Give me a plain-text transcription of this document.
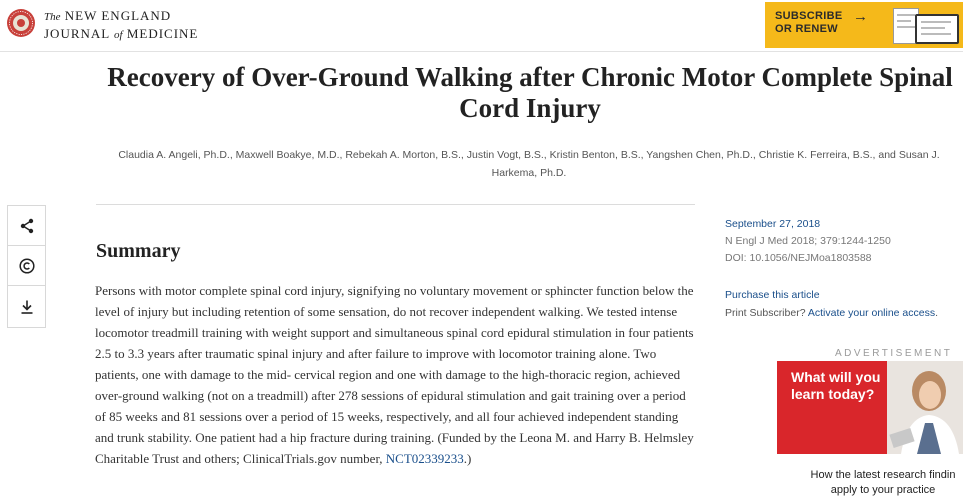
The NEW ENGLAND
JOURNAL of MEDICINE
SUBSCRIBE
OR RENEW
→
Recovery of Over-Ground Walking after Chronic Motor Complete Spinal Cord Injury
Claudia A. Angeli, Ph.D., Maxwell Boakye, M.D., Rebekah A. Morton, B.S., Justin Vogt, B.S., Kristin Benton, B.S., Yangshen Chen, Ph.D., Christie K. Ferreira, B.S., and Susan J. Harkema, Ph.D.
Summary

Persons with motor complete spinal cord injury, signifying no voluntary movement or sphincter function below the level of injury but including retention of some sensation, do not recover independent walking. We tested intense locomotor treadmill training with weight support and simultaneous spinal cord epidural stimulation in four patients 2.5 to 3.3 years after traumatic spinal injury and after failure to improve with locomotor training alone. Two patients, one with damage to the mid- cervical region and one with damage to the high-thoracic region, achieved over-ground walking (not on a treadmill) after 278 sessions of epidural stimulation and gait training over a period of 85 weeks and 81 sessions over a period of 15 weeks, respectively, and all four achieved independent standing and trunk stability. One patient had a hip fracture during training. (Funded by the Leona M. and Harry B. Helmsley Charitable Trust and others; ClinicalTrials.gov number, NCT02339233.)

September 27, 2018
N Engl J Med 2018; 379:1244-1250
DOI: 10.1056/NEJMoa1803588
Purchase this article
Print Subscriber? Activate your online access.
ADVERTISEMENT
What will you learn today?
How the latest research findin apply to your practice
